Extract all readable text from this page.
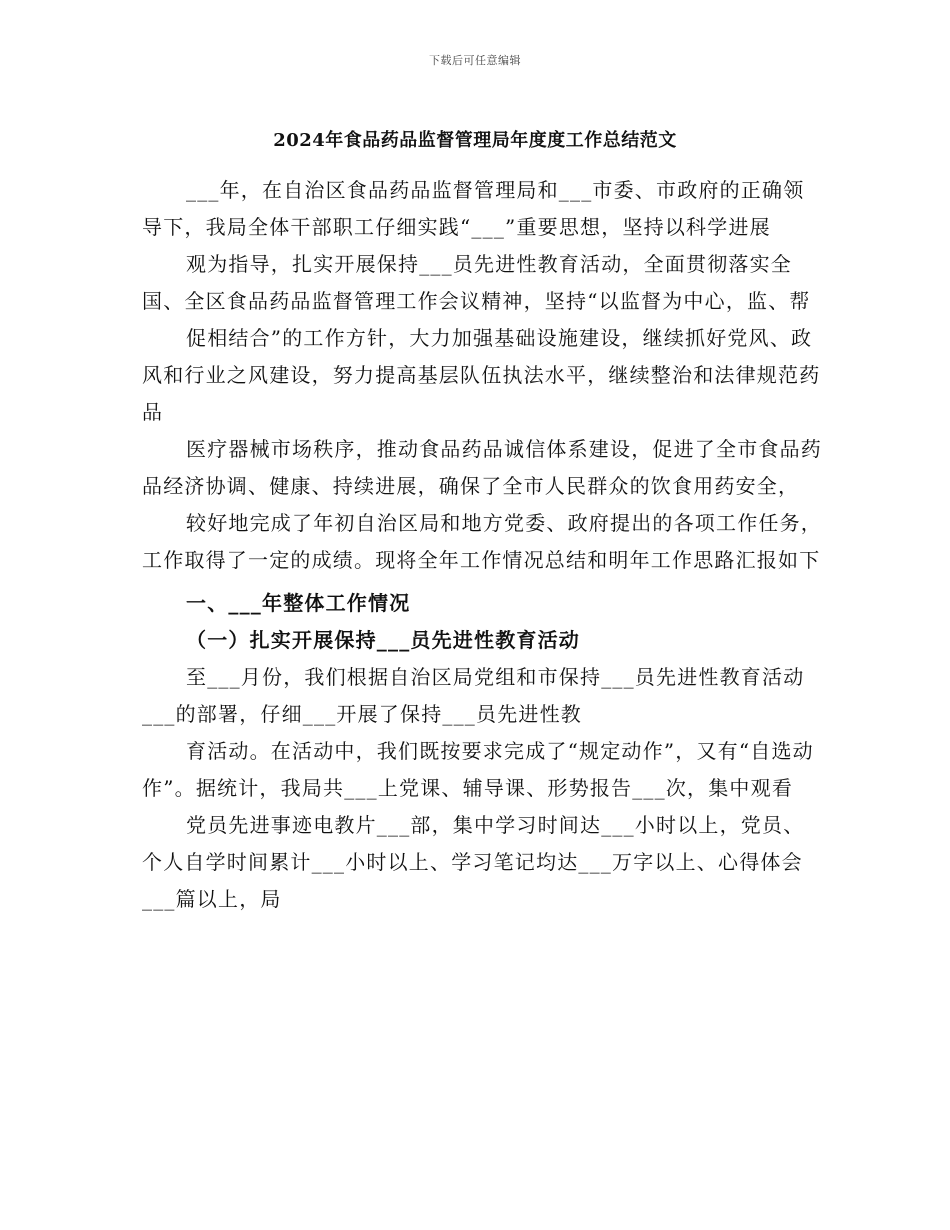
下载后可任意编辑
2024年食品药品监督管理局年度度工作总结范文

___年，在自治区食品药品监督管理局和___市委、市政府的正确领导下，我局全体干部职工仔细实践“___”重要思想，坚持以科学进展

观为指导，扎实开展保持___员先进性教育活动，全面贯彻落实全国、全区食品药品监督管理工作会议精神，坚持“以监督为中心，监、帮

促相结合”的工作方针，大力加强基础设施建设，继续抓好党风、政风和行业之风建设，努力提高基层队伍执法水平，继续整治和法律规范药品

医疗器械市场秩序，推动食品药品诚信体系建设，促进了全市食品药品经济协调、健康、持续进展，确保了全市人民群众的饮食用药安全，

较好地完成了年初自治区局和地方党委、政府提出的各项工作任务，工作取得了一定的成绩。现将全年工作情况总结和明年工作思路汇报如下

一、___年整体工作情况

（一）扎实开展保持___员先进性教育活动

至___月份，我们根据自治区局党组和市保持___员先进性教育活动___的部署，仔细___开展了保持___员先进性教

育活动。在活动中，我们既按要求完成了“规定动作”，又有“自选动作”。据统计，我局共___上党课、辅导课、形势报告___次，集中观看

党员先进事迹电教片___部，集中学习时间达___小时以上，党员、个人自学时间累计___小时以上、学习笔记均达___万字以上、心得体会___篇以上，局
